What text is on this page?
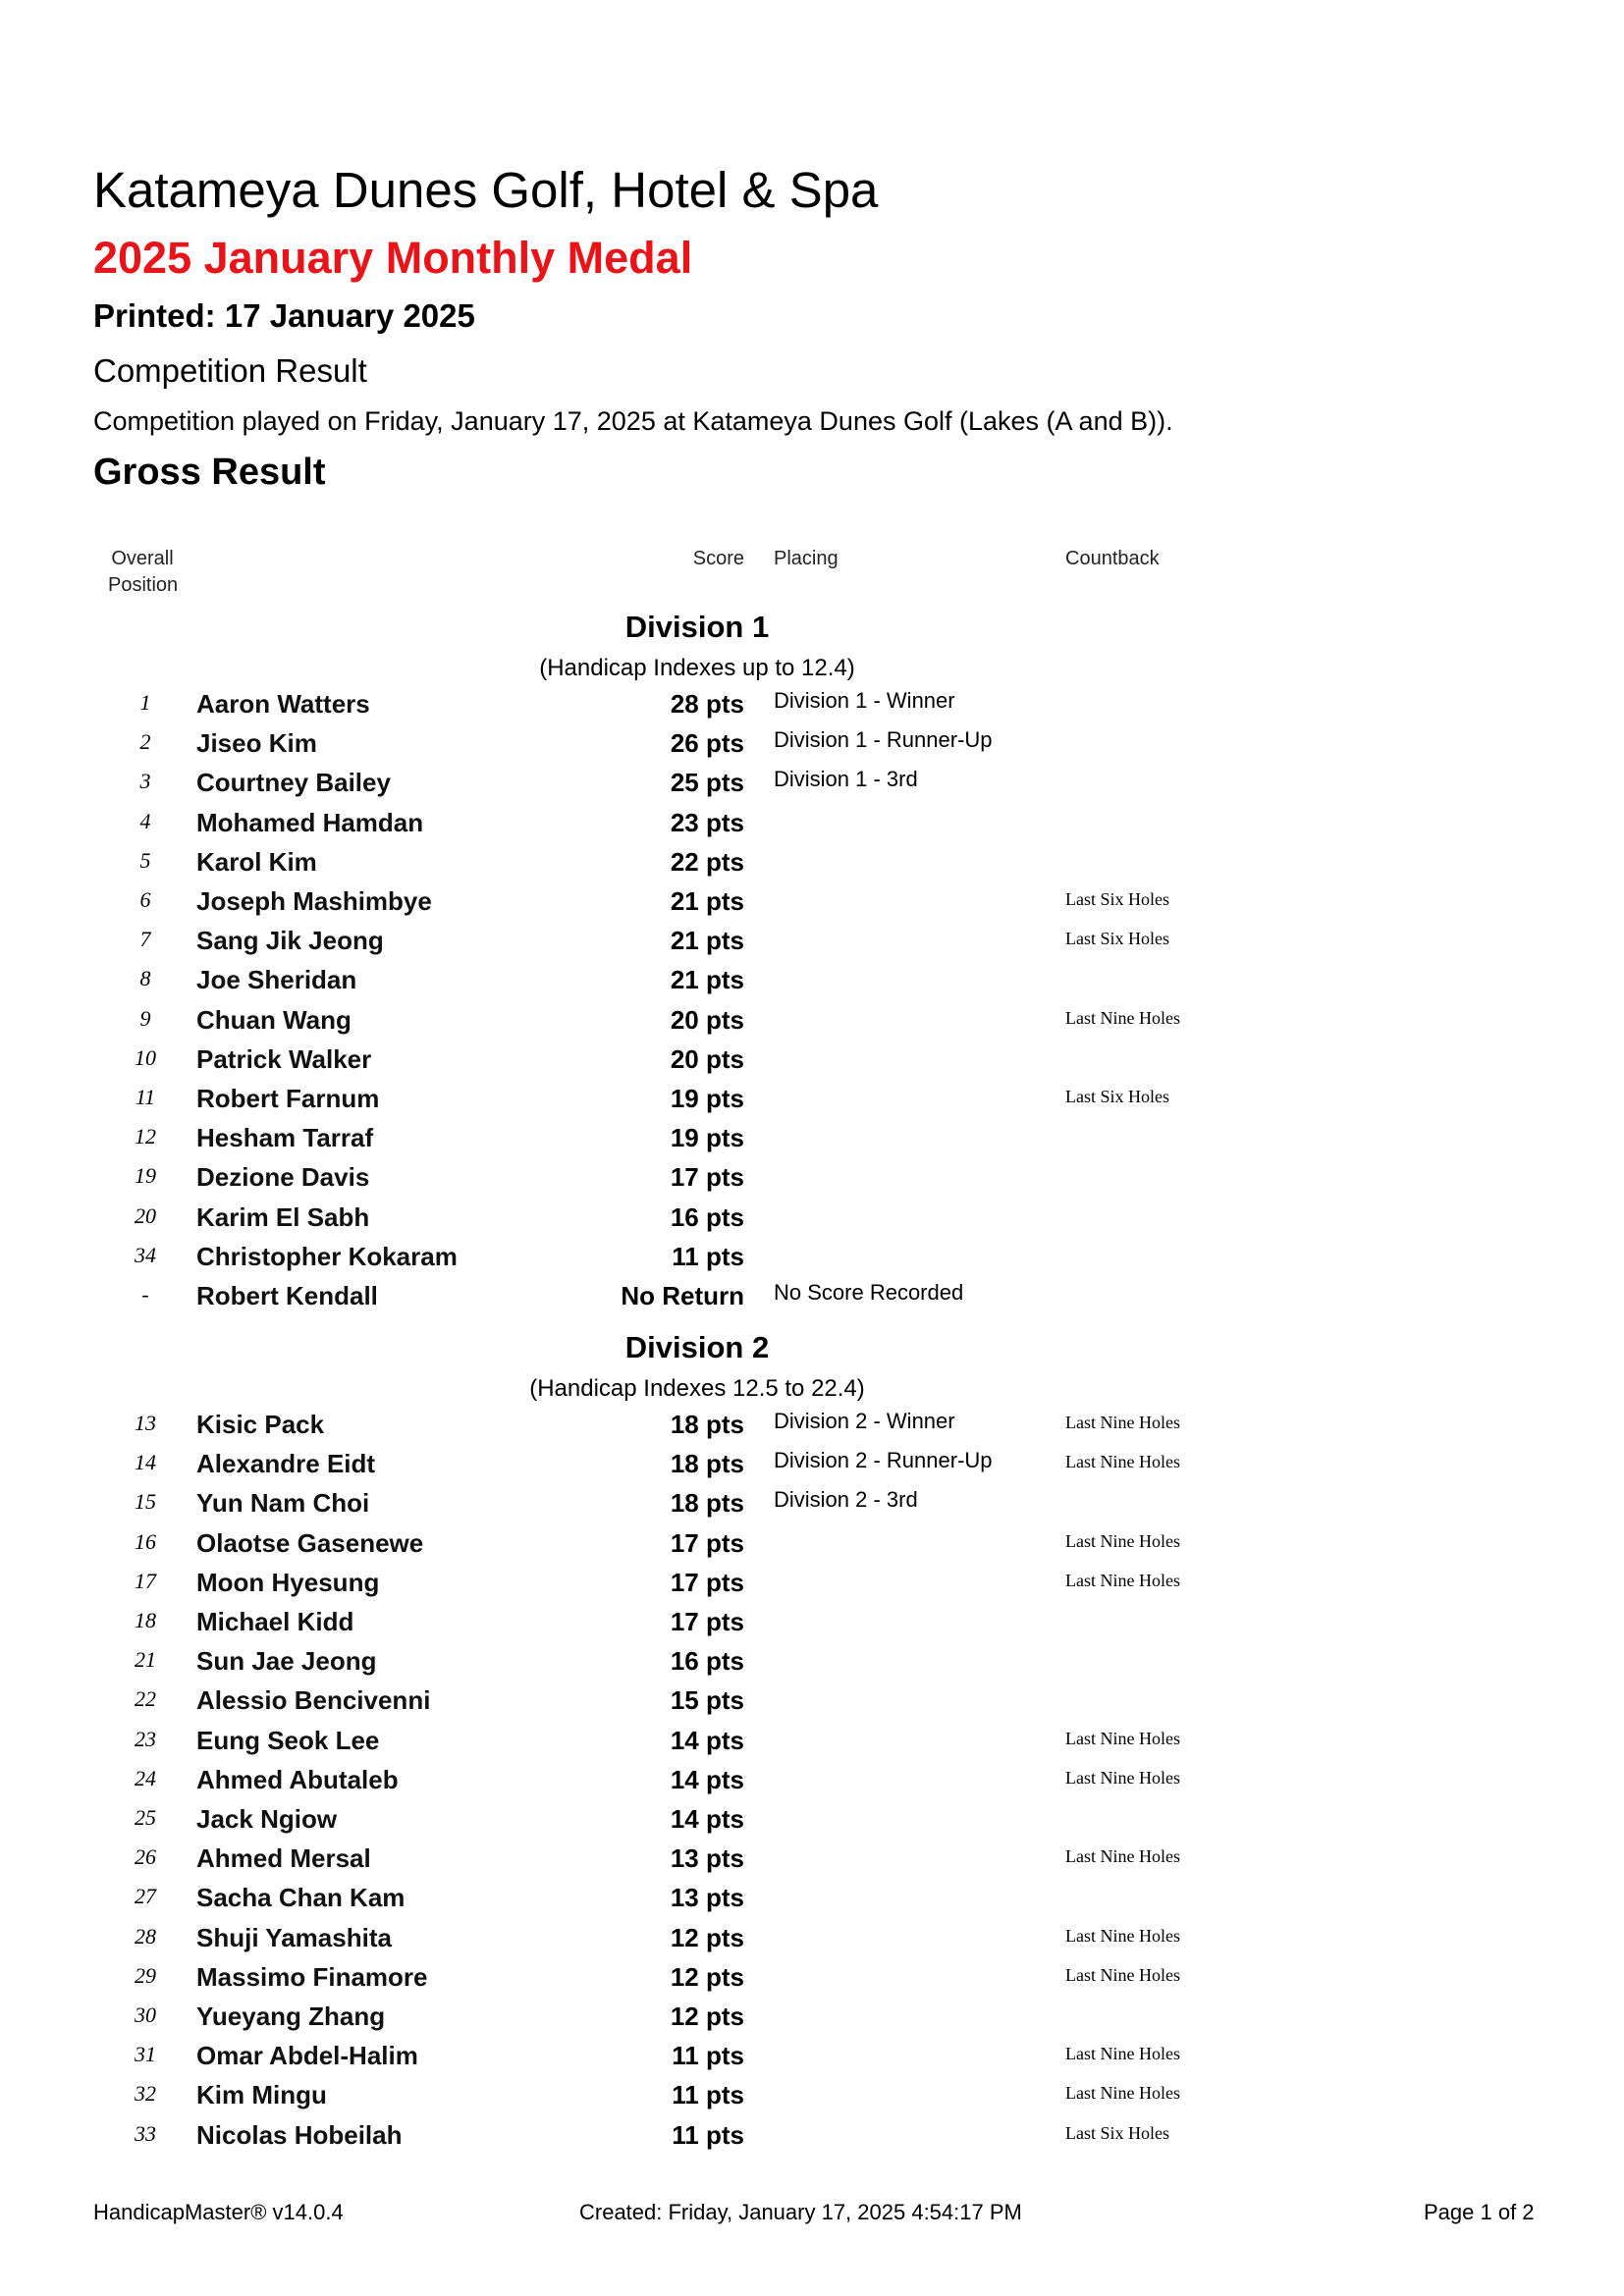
Katameya Dunes Golf, Hotel & Spa
2025 January Monthly Medal
Printed: 17 January 2025
Competition Result
Competition played on Friday, January 17, 2025 at Katameya Dunes Golf (Lakes (A and B)).
Gross Result
Overall Position
Score Placing	Countback
Division 1
(Handicap Indexes up to 12.4)
1	Aaron Watters	28 pts Division 1 - Winner
2	Jiseo Kim	26 pts Division 1 - Runner-Up
3	Courtney Bailey	25 pts Division 1 - 3rd
4	Mohamed Hamdan	23 pts
5	Karol Kim	22 pts
6	Joseph Mashimbye	21 pts	Last Six Holes
7	Sang Jik Jeong	21 pts	Last Six Holes
8	Joe Sheridan	21 pts
9	Chuan Wang	20 pts	Last Nine Holes
10	Patrick Walker	20 pts
11	Robert Farnum	19 pts	Last Six Holes
12	Hesham Tarraf	19 pts
19	Dezione Davis	17 pts
20	Karim El Sabh	16 pts
34	Christopher Kokaram	11 pts
-	Robert Kendall	No Return No Score Recorded
Division 2
(Handicap Indexes 12.5 to 22.4)
13	Kisic Pack	18 pts Division 2 - Winner	Last Nine Holes
14	Alexandre Eidt	18 pts Division 2 - Runner-Up	Last Nine Holes
15	Yun Nam Choi	18 pts Division 2 - 3rd
16	Olaotse Gasenewe	17 pts	Last Nine Holes
17	Moon Hyesung	17 pts	Last Nine Holes
18	Michael Kidd	17 pts
21	Sun Jae Jeong	16 pts
22	Alessio Bencivenni	15 pts
23	Eung Seok Lee	14 pts	Last Nine Holes
24	Ahmed Abutaleb	14 pts	Last Nine Holes
25	Jack Ngiow	14 pts
26	Ahmed Mersal	13 pts	Last Nine Holes
27	Sacha Chan Kam	13 pts
28	Shuji Yamashita	12 pts	Last Nine Holes
29	Massimo Finamore	12 pts	Last Nine Holes
30	Yueyang Zhang	12 pts
31	Omar Abdel-Halim	11 pts	Last Nine Holes
32	Kim Mingu	11 pts	Last Nine Holes
33	Nicolas Hobeilah	11 pts	Last Six Holes
HandicapMaster® v14.0.4	Created: Friday, January 17, 2025 4:54:17 PM	Page 1 of 2
